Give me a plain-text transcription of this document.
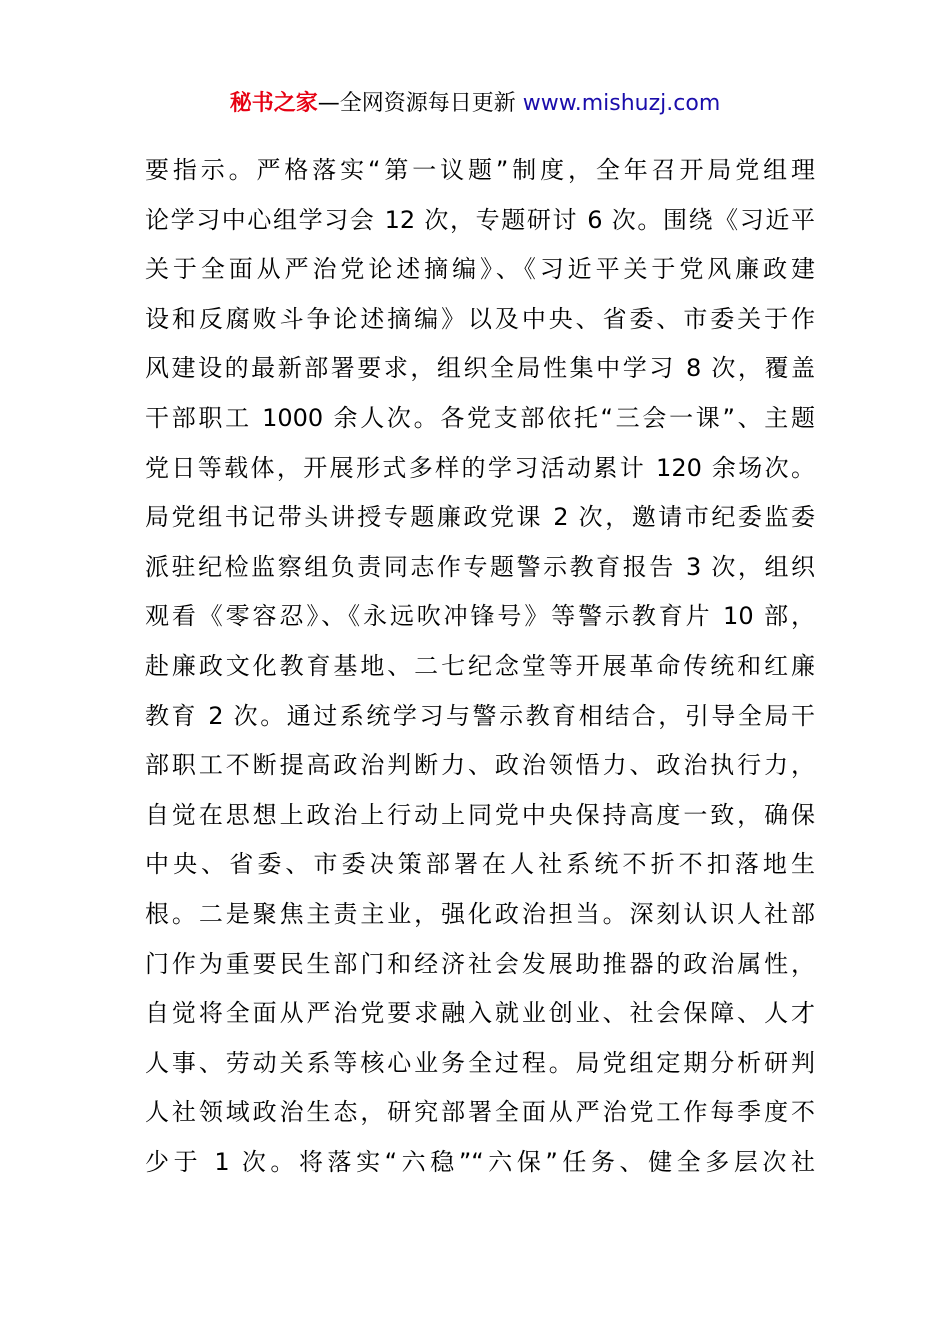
秘书之家—全网资源每日更新 www.mishuzj.com
要指示。严格落实“第一议题”制度，全年召开局党组理
论学习中心组学习会 12 次，专题研讨 6 次。围绕《习近平
关于全面从严治党论述摘编》、《习近平关于党风廉政建
设和反腐败斗争论述摘编》以及中央、省委、市委关于作
风建设的最新部署要求，组织全局性集中学习 8 次，覆盖
干部职工 1000 余人次。各党支部依托“三会一课”、主题
党日等载体，开展形式多样的学习活动累计 120 余场次。
局党组书记带头讲授专题廉政党课 2 次，邀请市纪委监委
派驻纪检监察组负责同志作专题警示教育报告 3 次，组织
观看《零容忍》、《永远吹冲锋号》等警示教育片 10 部，
赴廉政文化教育基地、二七纪念堂等开展革命传统和红廉
教育 2 次。通过系统学习与警示教育相结合，引导全局干
部职工不断提高政治判断力、政治领悟力、政治执行力，
自觉在思想上政治上行动上同党中央保持高度一致，确保
中央、省委、市委决策部署在人社系统不折不扣落地生
根。二是聚焦主责主业，强化政治担当。深刻认识人社部
门作为重要民生部门和经济社会发展助推器的政治属性，
自觉将全面从严治党要求融入就业创业、社会保障、人才
人事、劳动关系等核心业务全过程。局党组定期分析研判
人社领域政治生态，研究部署全面从严治党工作每季度不
少于 1 次。将落实“六稳”“六保”任务、健全多层次社
